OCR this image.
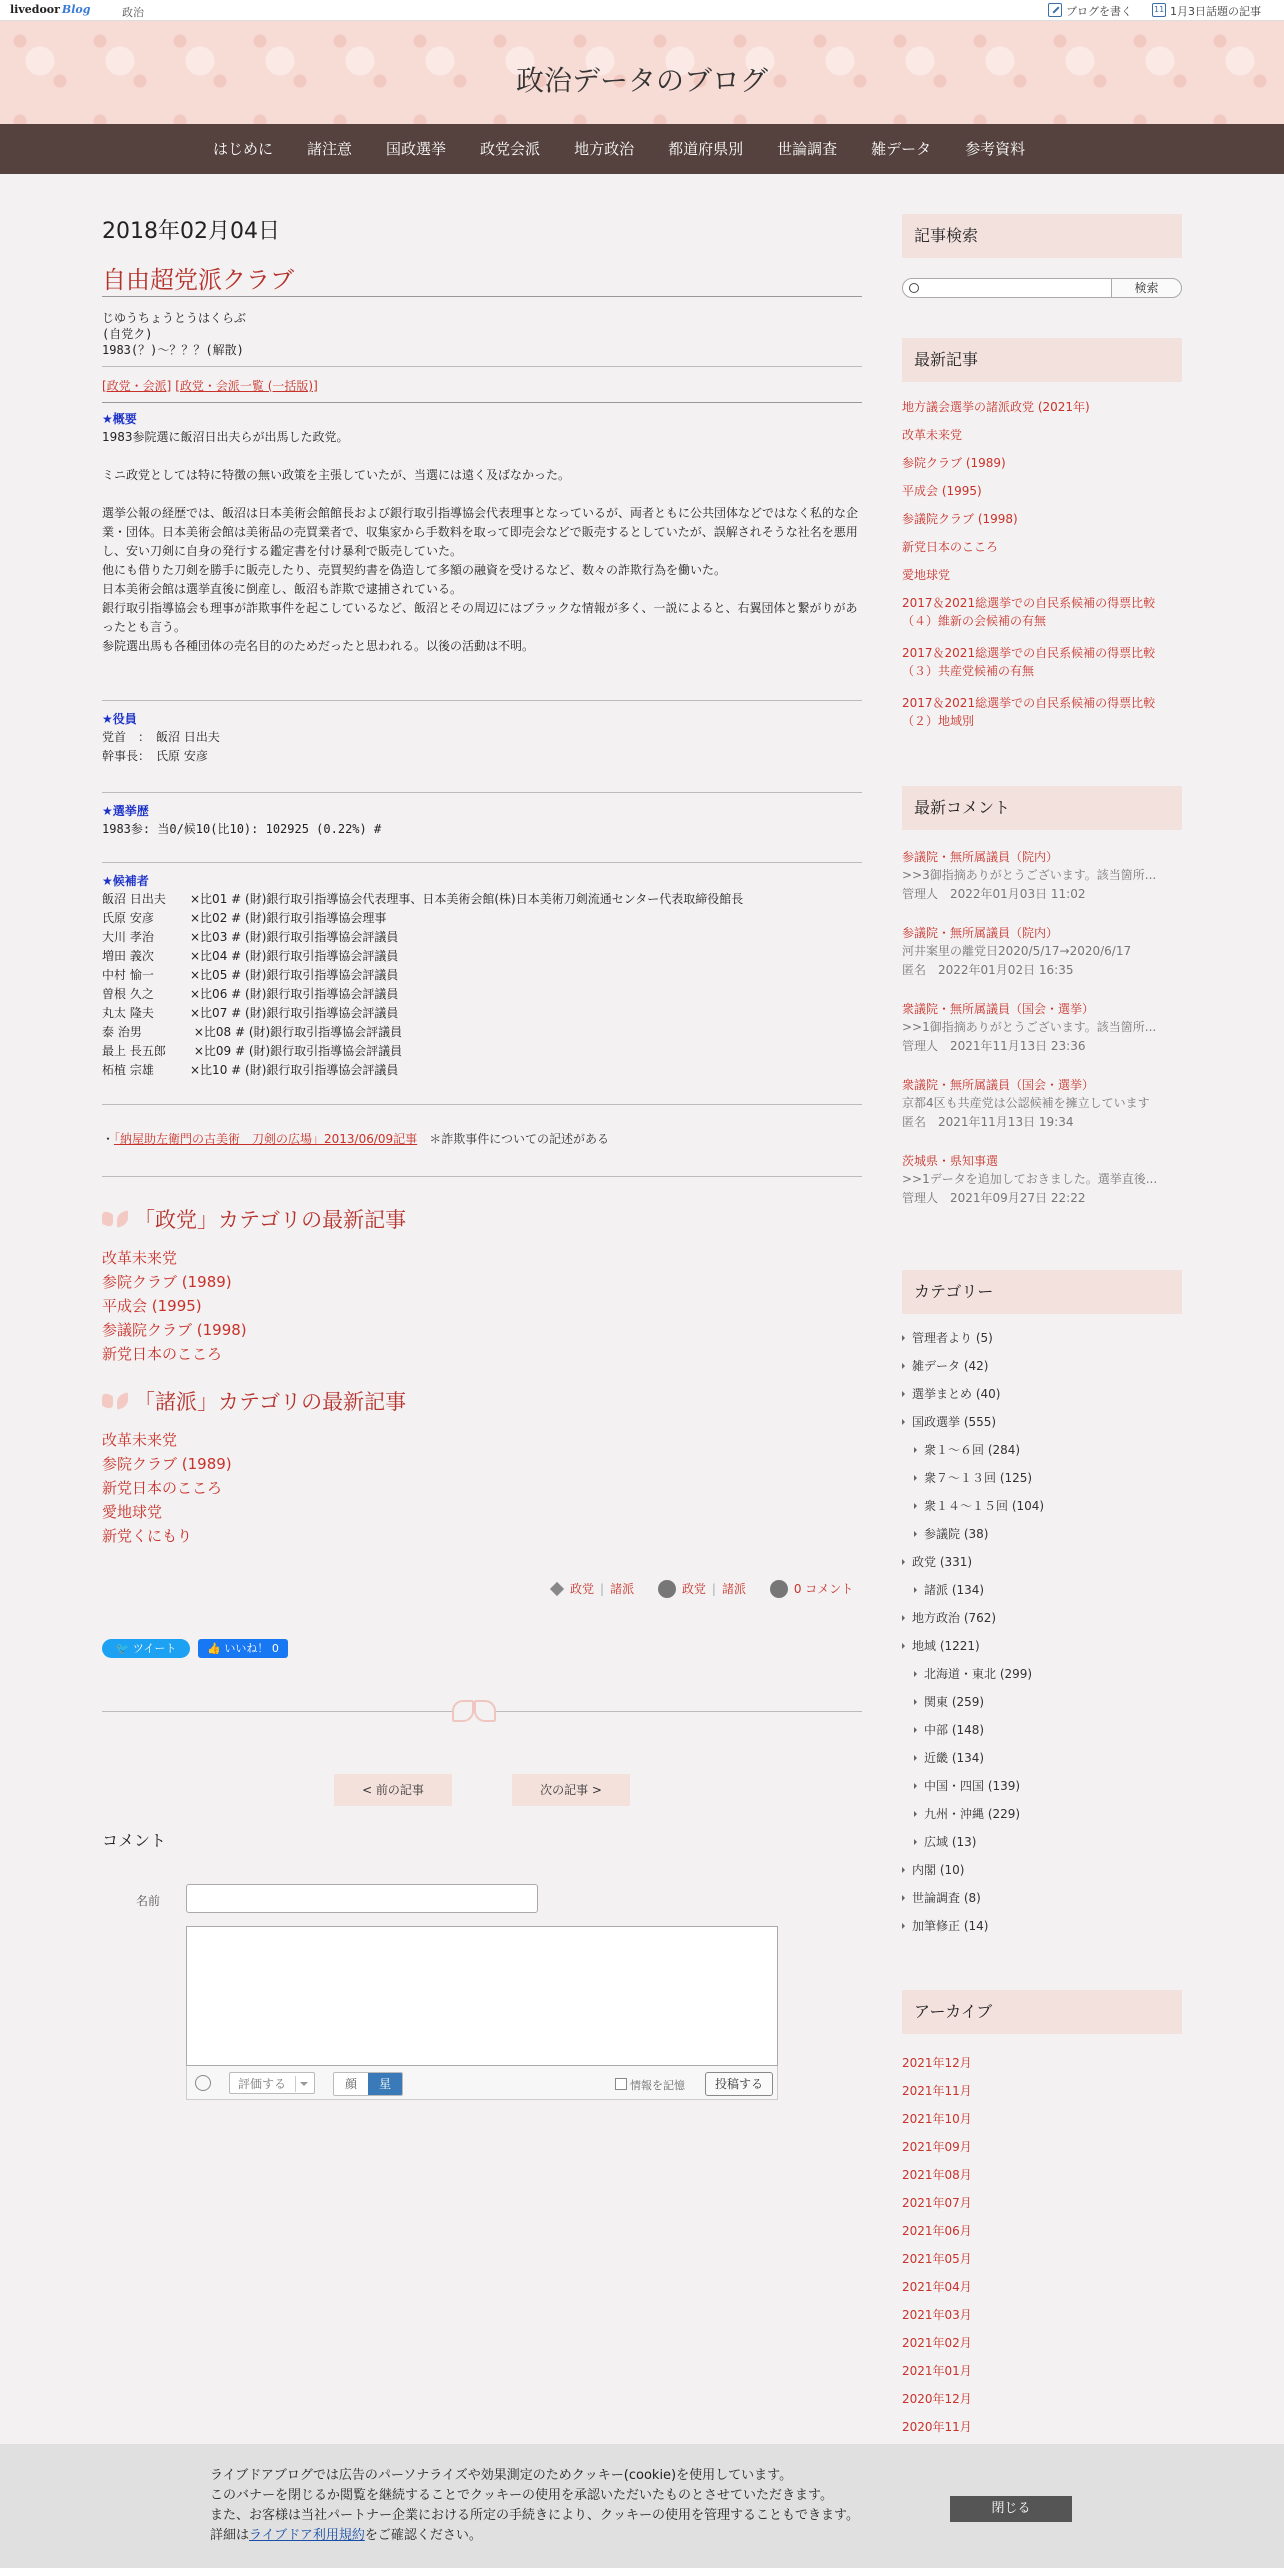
livedoor Blog	政治	ブログを書く
11	1月3日話題の記事
政治データのブログ
はじめに	諸注意	国政選挙	政党会派	地方政治	都道府県別	世論調査	雑データ	参考資料
2018年02月04日
自由超党派クラブ
じゆうちょうとうはくらぶ
(自党ク)
1983(？)～？？？(解散)
[政党・会派] [政党・会派一覧 (一括版)]
★概要
1983参院選に飯沼日出夫らが出馬した政党。
ミニ政党としては特に特徴の無い政策を主張していたが、当選には遠く及ばなかった。
選挙公報の経歴では、飯沼は日本美術会館館長および銀行取引指導協会代表理事となっているが、両者ともに公共団体などではなく私的な企業・団体。日本美術会館は美術品の売買業者で、収集家から手数料を取って即売会などで販売するとしていたが、誤解されそうな社名を悪用し、安い刀剣に自身の発行する鑑定書を付け暴利で販売していた。
他にも借りた刀剣を勝手に販売したり、売買契約書を偽造して多額の融資を受けるなど、数々の詐欺行為を働いた。
日本美術会館は選挙直後に倒産し、飯沼も詐欺で逮捕されている。
銀行取引指導協会も理事が詐欺事件を起こしているなど、飯沼とその周辺にはブラックな情報が多く、一説によると、右翼団体と繋がりがあったとも言う。
参院選出馬も各種団体の売名目的のためだったと思われる。以後の活動は不明。
★役員
党首　：　飯沼 日出夫
幹事長：　氏原 安彦
★選挙歴
1983参: 当0/候10(比10): 102925 (0.22%) #
★候補者
飯沼 日出夫 ×比01 # (財)銀行取引指導協会代表理事、日本美術会館(株)日本美術刀剣流通センター代表取締役館長
氏原 安彦	×比02 # (財)銀行取引指導協会理事
大川 孝治	×比03 # (財)銀行取引指導協会評議員
増田 義次	×比04 # (財)銀行取引指導協会評議員
中村 愉一	×比05 # (財)銀行取引指導協会評議員
曽根 久之	×比06 # (財)銀行取引指導協会評議員
丸太 隆夫	×比07 # (財)銀行取引指導協会評議員
泰 治男	×比08 # (財)銀行取引指導協会評議員
最上 長五郎 ×比09 # (財)銀行取引指導協会評議員
柘植 宗雄	×比10 # (財)銀行取引指導協会評議員
・「納屋助左衛門の古美術　刀剣の広場」2013/06/09記事　 ＊詐欺事件についての記述がある
「政党」カテゴリの最新記事
改革未来党
参院クラブ (1989)
平成会 (1995)
参議院クラブ (1998)
新党日本のこころ
「諸派」カテゴリの最新記事
改革未来党
参院クラブ (1989)
新党日本のこころ
愛地球党
新党くにもり
政党 | 諸派	政党 | 諸派	0 コメント
🐦 ツイート	👍 いいね！ 0
< 前の記事	次の記事 >
コメント
名前
評価する	顔	星	情報を記憶	投稿する
記事検索
検索
最新記事
地方議会選挙の諸派政党 (2021年)
改革未来党
参院クラブ (1989)
平成会 (1995)
参議院クラブ (1998)
新党日本のこころ
愛地球党
2017＆2021総選挙での自民系候補の得票比較
（４）維新の会候補の有無
2017＆2021総選挙での自民系候補の得票比較
（３）共産党候補の有無
2017＆2021総選挙での自民系候補の得票比較
（２）地域別
最新コメント
参議院・無所属議員（院内）
>>3御指摘ありがとうございます。該当箇所...
管理人　2022年01月03日 11:02
参議院・無所属議員（院内）
河井案里の離党日2020/5/17→2020/6/17
匿名　2022年01月02日 16:35
衆議院・無所属議員（国会・選挙）
>>1御指摘ありがとうございます。該当箇所...
管理人　2021年11月13日 23:36
衆議院・無所属議員（国会・選挙）
京都4区も共産党は公認候補を擁立しています
匿名　2021年11月13日 19:34
茨城県・県知事選
>>1データを追加しておきました。選挙直後...
管理人　2021年09月27日 22:22
カテゴリー
管理者より (5)
雑データ (42)
選挙まとめ (40)
国政選挙 (555)
衆１～６回 (284)
衆７～１３回 (125)
衆１４～１５回 (104)
参議院 (38)
政党 (331)
諸派 (134)
地方政治 (762)
地域 (1221)
北海道・東北 (299)
関東 (259)
中部 (148)
近畿 (134)
中国・四国 (139)
九州・沖縄 (229)
広域 (13)
内閣 (10)
世論調査 (8)
加筆修正 (14)
アーカイブ
2021年12月
2021年11月
2021年10月
2021年09月
2021年08月
2021年07月
2021年06月
2021年05月
2021年04月
2021年03月
2021年02月
2021年01月
2020年12月
2020年11月
ライブドアブログでは広告のパーソナライズや効果測定のためクッキー(cookie)を使用しています。
このバナーを閉じるか閲覧を継続することでクッキーの使用を承認いただいたものとさせていただきます。
また、お客様は当社パートナー企業における所定の手続きにより、クッキーの使用を管理することもできます。
詳細はライブドア利用規約をご確認ください。
閉じる
